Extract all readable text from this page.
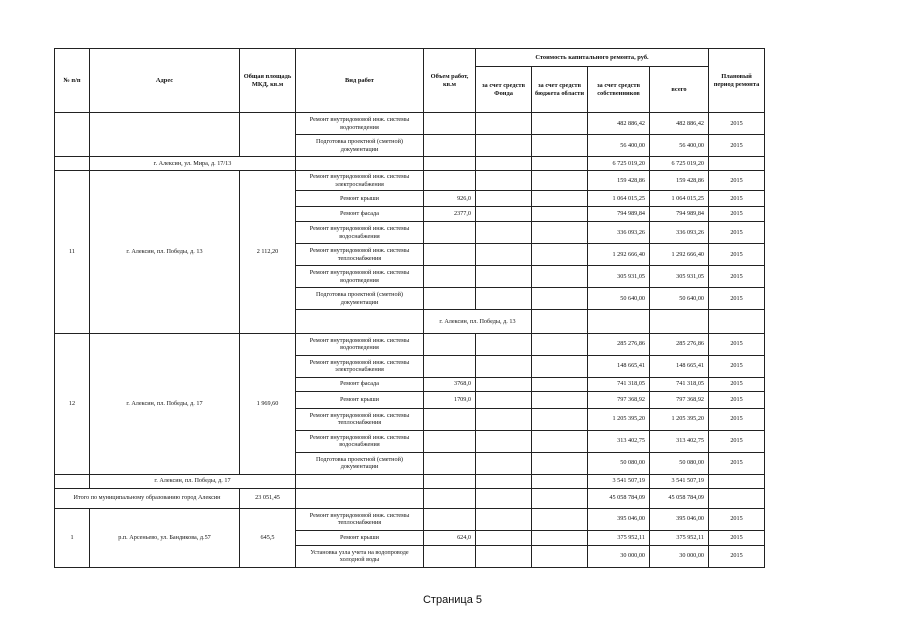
№ п/п	Адрес	Общая площадь МКД, кв.м	Вид работ	Объем работ, кв.м	Стоимость капитального ремонта, руб.				Плановый период ремонта	
					за счет средств Фонда	за счет средств бюджета области	за счет средств собственников	всего		
			Ремонт внутридомовой инж. системы водоотведения				482 886,42	482 886,42	2015	
			Подготовка проектной (сметной) документации				56 400,00	56 400,00	2015	
	г. Алексин, ул. Мира, д. 17/13						6 725 019,20	6 725 019,20		
11	г. Алексин, пл. Победы, д. 13	2 112,20	Ремонт внутридомовой инж. системы электроснабжения				159 428,86	159 428,86	2015	
			Ремонт крыши	926,0			1 064 015,25	1 064 015,25	2015	
			Ремонт фасада	2377,0			794 989,84	794 989,84	2015	
			Ремонт внутридомовой инж. системы водоснабжения				336 093,26	336 093,26	2015	
			Ремонт внутридомовой инж. системы теплоснабжения				1 292 666,40	1 292 666,40	2015	
			Ремонт внутридомовой инж. системы водоотведения				305 931,05	305 931,05	2015	
			Подготовка проектной (сметной) документации				50 640,00	50 640,00	2015	
				г. Алексин, пл. Победы, д. 13							
12	г. Алексин, пл. Победы, д. 17	1 969,60	Ремонт внутридомовой инж. системы водоотведения				285 276,86	285 276,86	2015	
			Ремонт внутридомовой инж. системы электроснабжения				148 665,41	148 665,41	2015	
			Ремонт фасада	3768,0			741 318,05	741 318,05	2015	
			Ремонт крыши	1709,0			797 368,92	797 368,92	2015	
			Ремонт внутридомовой инж. системы теплоснабжения				1 205 395,20	1 205 395,20	2015	
			Ремонт внутридомовой инж. системы водоснабжения				313 402,75	313 402,75	2015	
			Подготовка проектной (сметной) документации				50 080,00	50 080,00	2015	
	г. Алексин, пл. Победы, д. 17						3 541 507,19	3 541 507,19		
Итого по муниципальному образованию город Алексин		23 051,45					45 058 784,09	45 058 784,09		
1	р.п. Арсеньево, ул. Бандикова, д.57	645,5	Ремонт внутридомовой инж. системы теплоснабжения				395 046,00	395 046,00	2015	
			Ремонт крыши	624,0			375 952,11	375 952,11	2015	
			Установка узла учета на водопроводе холодной воды				30 000,00	30 000,00	2015	
Страница 5
